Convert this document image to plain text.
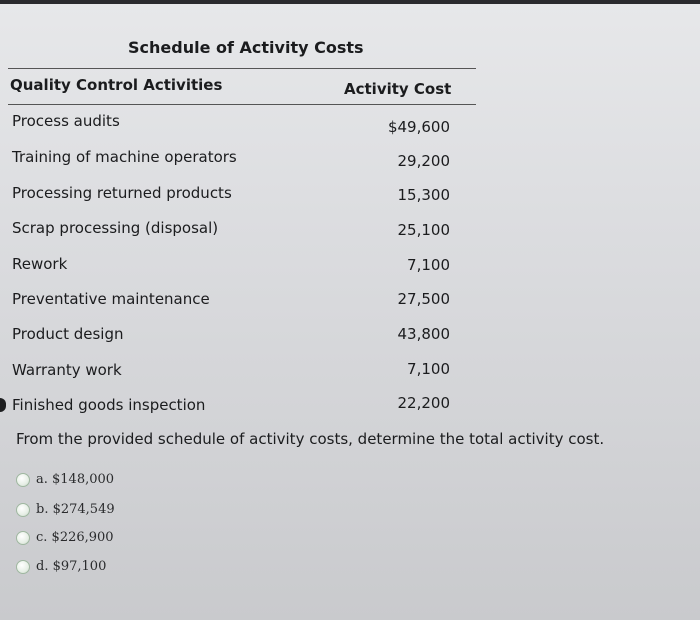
Schedule of Activity Costs
Quality Control Activities	Activity Cost
Process audits	$49,600
Training of machine operators	29,200
Processing returned products	15,300
Scrap processing (disposal)	25,100
Rework	7,100
Preventative maintenance	27,500
Product design	43,800
Warranty work	7,100
Finished goods inspection	22,200
From the provided schedule of activity costs, determine the total activity cost.
a. $148,000
b. $274,549
c. $226,900
d. $97,100
